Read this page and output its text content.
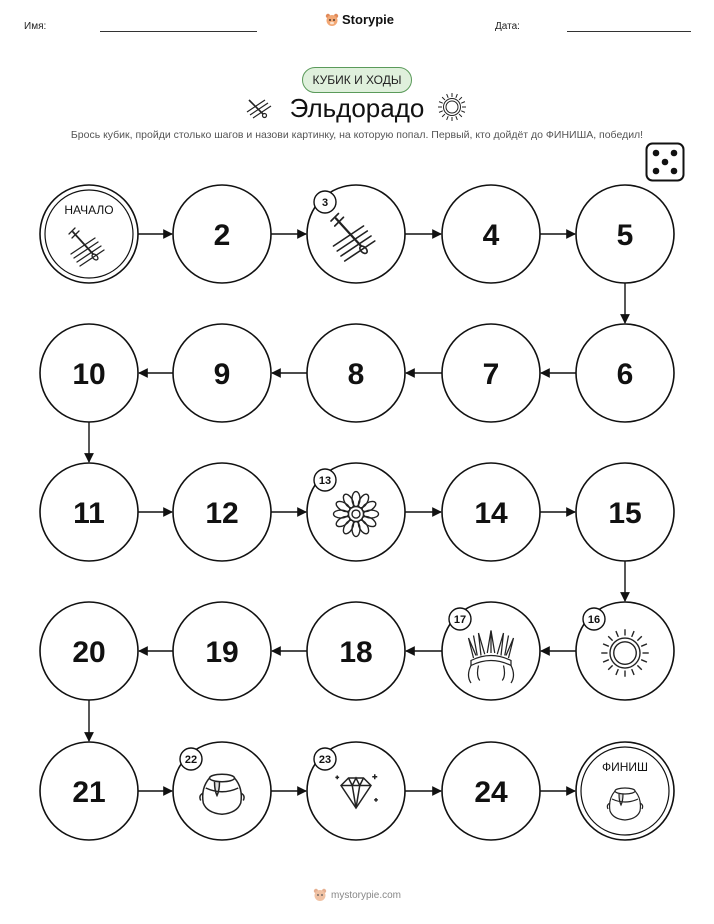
Имя:	Storypie	Дата:
КУБИК И ХОДЫ
Эльдорадо
Брось кубик, пройди столько шагов и назови картинку, на которую попал. Первый, кто дойдёт до ФИНИША, победил!
НАЧАЛО
2
3
4	5
6
7
8
9
10
11	12
13
14	15
16
17
18
19
20
21
22	23
24
ФИНИШ
mystorypie.com
